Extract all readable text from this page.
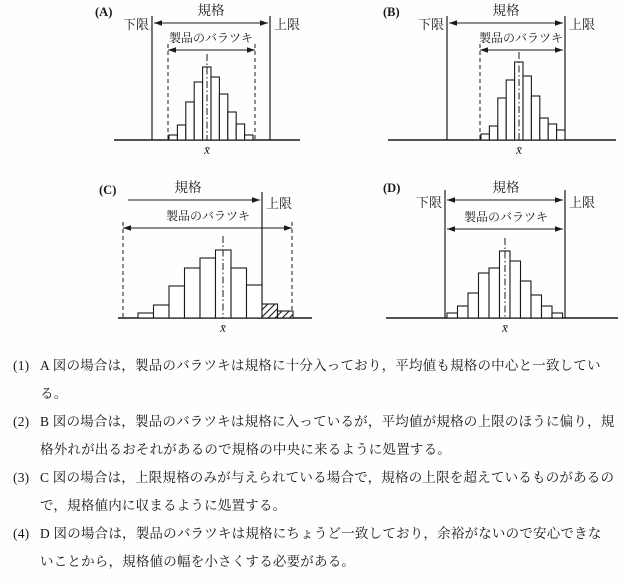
(A)
下限	上限
規格
製品のバラツキ
x̄
(B)
下限	上限
規格
製品のバラツキ
x̄
(C)
上限
規格
製品のバラツキ
x̄
(D)
下限	上限
規格
製品のバラツキ
x̄
(1) A 図の場合は，製品のバラツキは規格に十分入っており，平均値も規格の中心と一致してい
る。
(2) B 図の場合は，製品のバラツキは規格に入っているが，平均値が規格の上限のほうに偏り，規
格外れが出るおそれがあるので規格の中央に来るように処置する。
(3) C 図の場合は，上限規格のみが与えられている場合で，規格の上限を超えているものがあるの
で，規格値内に収まるように処置する。
(4) D 図の場合は，製品のバラツキは規格にちょうど一致しており，余裕がないので安心できな
いことから，規格値の幅を小さくする必要がある。
